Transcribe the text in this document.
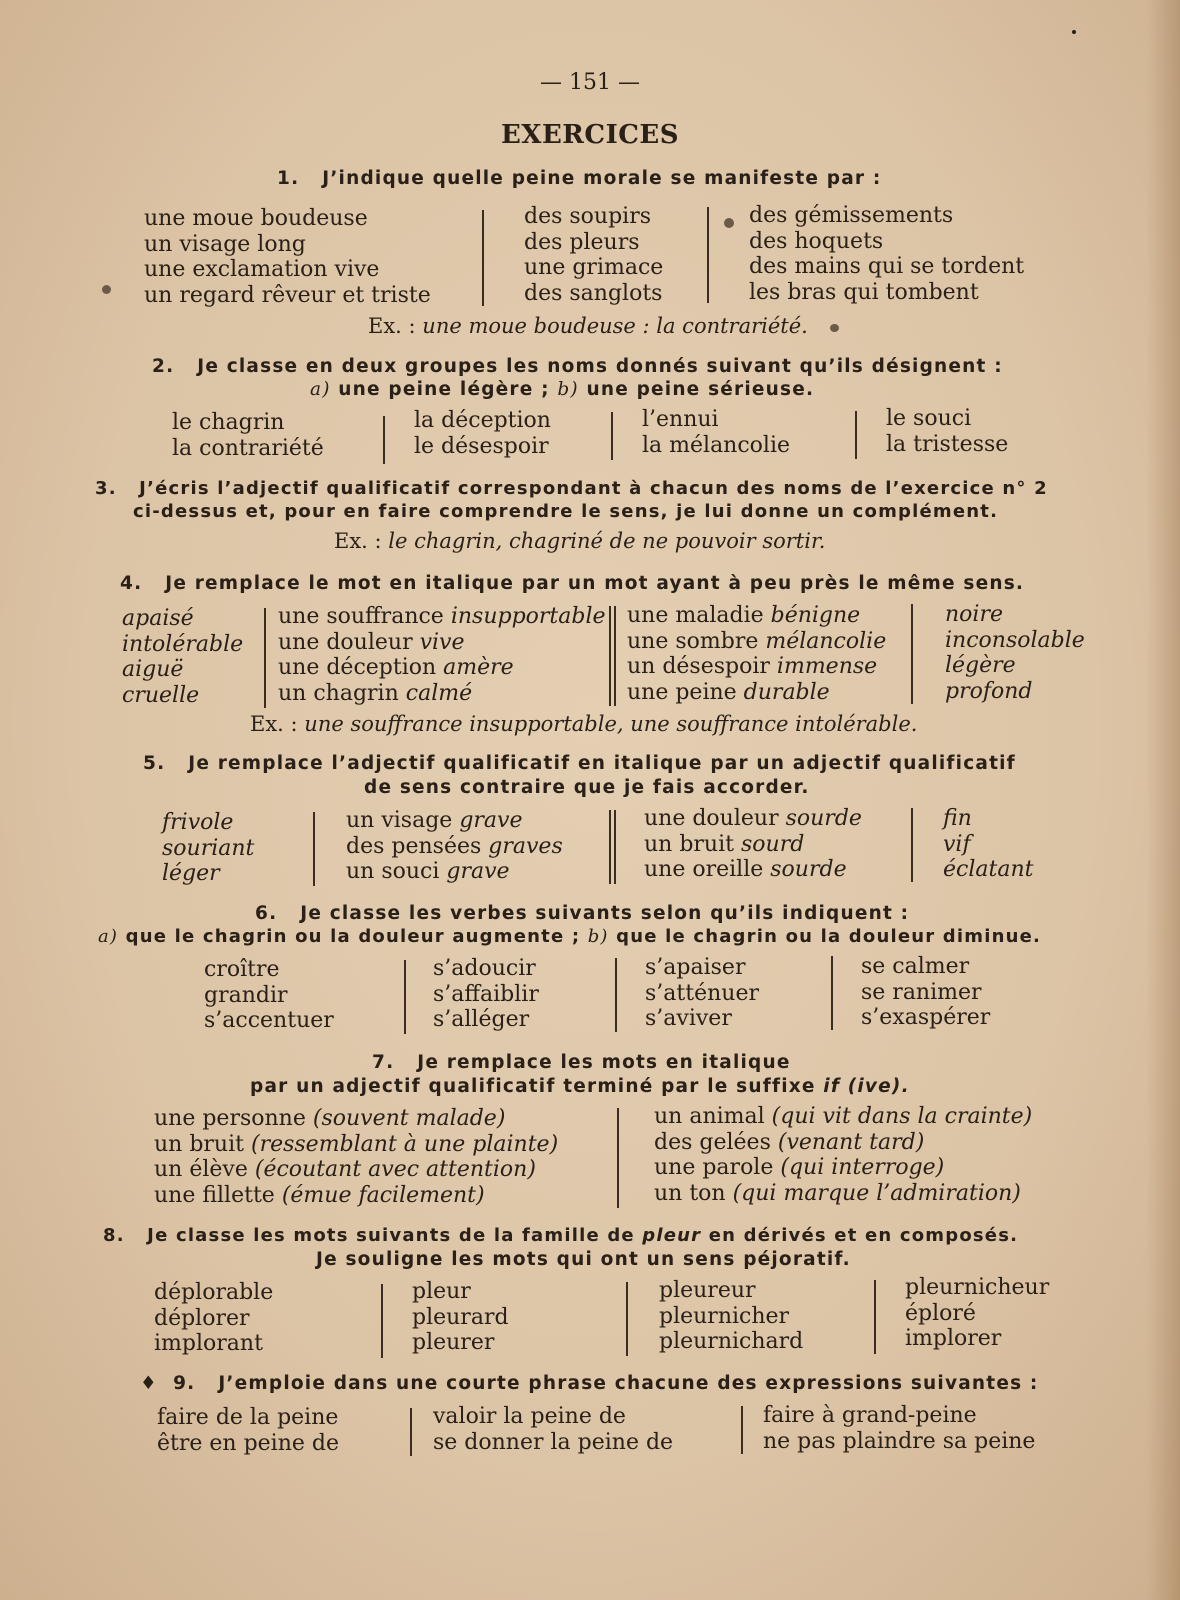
— 151 —
EXERCICES
1. J’indique quelle peine morale se manifeste par :
une moue boudeuse
un visage long
une exclamation vive
un regard rêveur et triste
des soupirs
des pleurs
une grimace
des sanglots
des gémissements
des hoquets
des mains qui se tordent
les bras qui tombent
Ex. : une moue boudeuse : la contrariété.
2. Je classe en deux groupes les noms donnés suivant qu’ils désignent :
a) une peine légère ; b) une peine sérieuse.
le chagrin
la contrariété
la déception
le désespoir
l’ennui
la mélancolie
le souci
la tristesse
3. J’écris l’adjectif qualificatif correspondant à chacun des noms de l’exercice n° 2
ci-dessus et, pour en faire comprendre le sens, je lui donne un complément.
Ex. : le chagrin, chagriné de ne pouvoir sortir.
4. Je remplace le mot en italique par un mot ayant à peu près le même sens.
apaisé
intolérable
aiguë
cruelle
une souffrance insupportable
une douleur vive
une déception amère
un chagrin calmé
une maladie bénigne
une sombre mélancolie
un désespoir immense
une peine durable
noire
inconsolable
légère
profond
Ex. : une souffrance insupportable, une souffrance intolérable.
5. Je remplace l’adjectif qualificatif en italique par un adjectif qualificatif
de sens contraire que je fais accorder.
frivole
souriant
léger
un visage grave
des pensées graves
un souci grave
une douleur sourde
un bruit sourd
une oreille sourde
fin
vif
éclatant
6. Je classe les verbes suivants selon qu’ils indiquent :
a) que le chagrin ou la douleur augmente ; b) que le chagrin ou la douleur diminue.
croître
grandir
s’accentuer
s’adoucir
s’affaiblir
s’alléger
s’apaiser
s’atténuer
s’aviver
se calmer
se ranimer
s’exaspérer
7. Je remplace les mots en italique
par un adjectif qualificatif terminé par le suffixe if (ive).
une personne (souvent malade)
un bruit (ressemblant à une plainte)
un élève (écoutant avec attention)
une fillette (émue facilement)
un animal (qui vit dans la crainte)
des gelées (venant tard)
une parole (qui interroge)
un ton (qui marque l’admiration)
8. Je classe les mots suivants de la famille de pleur en dérivés et en composés.
Je souligne les mots qui ont un sens péjoratif.
déplorable
déplorer
implorant
pleur
pleurard
pleurer
pleureur
pleurnicher
pleurnichard
pleurnicheur
éploré
implorer
♦ 9. J’emploie dans une courte phrase chacune des expressions suivantes :
faire de la peine
être en peine de
valoir la peine de
se donner la peine de
faire à grand-peine
ne pas plaindre sa peine
